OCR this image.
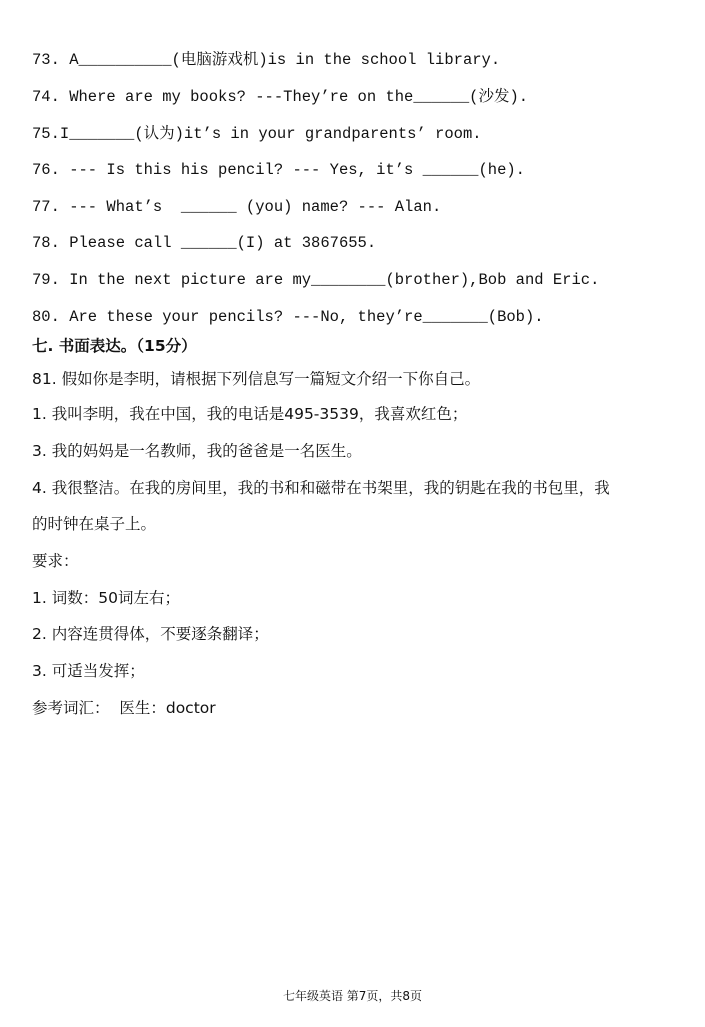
73. A__________(电脑游戏机)is in the school library.
74. Where are my books? ---They’re on the______(沙发).
75.I_______(认为)it’s in your grandparents’ room.
76. --- Is this his pencil? --- Yes, it’s ______(he).
77. --- What’s  ______ (you) name? --- Alan.
78. Please call ______(I) at 3867655.
79. In the next picture are my________(brother),Bob and Eric.
80. Are these your pencils? ---No, they’re_______(Bob).
七. 书面表达。（15分）
81. 假如你是李明，请根据下列信息写一篇短文介绍一下你自己。
1. 我叫李明，我在中国，我的电话是495-3539，我喜欢红色；
3. 我的妈妈是一名教师，我的爸爸是一名医生。
4. 我很整洁。在我的房间里，我的书和和磁带在书架里，我的钥匙在我的书包里，我
的时钟在桌子上。
要求：
1. 词数：50词左右；
2. 内容连贯得体，不要逐条翻译；
3. 可适当发挥；
参考词汇：  医生：doctor
七年级英语 第7页，共8页
